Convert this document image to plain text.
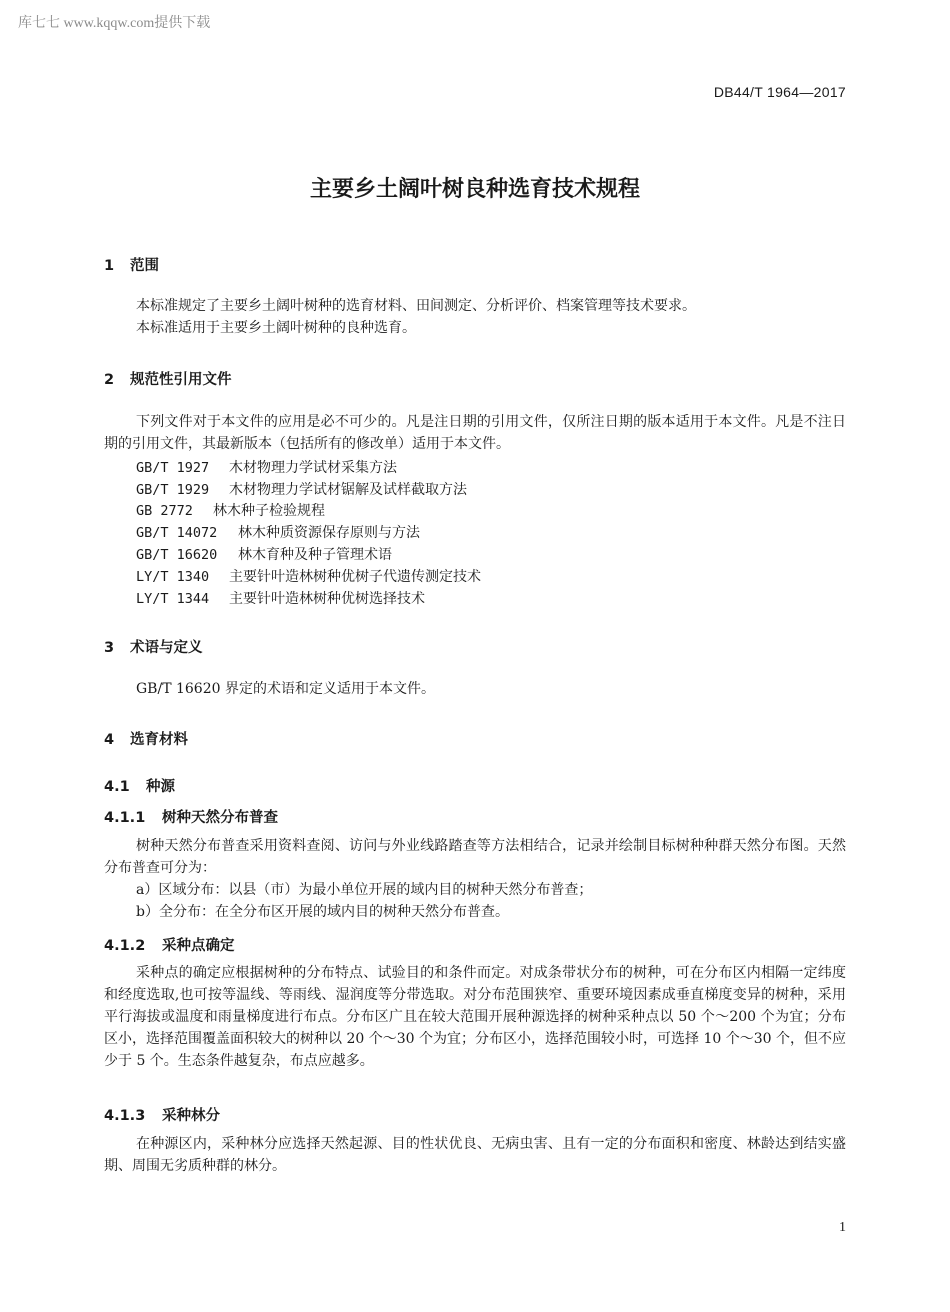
库七七 www.kqqw.com提供下载
DB44/T 1964—2017
主要乡土阔叶树良种选育技术规程
1 范围

本标准规定了主要乡土阔叶树种的选育材料、田间测定、分析评价、档案管理等技术要求。

本标准适用于主要乡土阔叶树种的良种选育。

2 规范性引用文件

下列文件对于本文件的应用是必不可少的。凡是注日期的引用文件，仅所注日期的版本适用于本文件。凡是不注日期的引用文件，其最新版本（包括所有的修改单）适用于本文件。

GB/T 1927 木材物理力学试材采集方法
GB/T 1929 木材物理力学试材锯解及试样截取方法
GB 2772 林木种子检验规程
GB/T 14072 林木种质资源保存原则与方法
GB/T 16620 林木育种及种子管理术语
LY/T 1340 主要针叶造林树种优树子代遗传测定技术
LY/T 1344 主要针叶造林树种优树选择技术
3 术语与定义

GB/T 16620 界定的术语和定义适用于本文件。

4 选育材料
4.1 种源
4.1.1 树种天然分布普查

树种天然分布普查采用资料查阅、访问与外业线路踏查等方法相结合，记录并绘制目标树种种群天然分布图。天然分布普查可分为：

a）区域分布：以县（市）为最小单位开展的域内目的树种天然分布普查；
b）全分布：在全分布区开展的域内目的树种天然分布普查。
4.1.2 采种点确定

采种点的确定应根据树种的分布特点、试验目的和条件而定。对成条带状分布的树种，可在分布区内相隔一定纬度和经度选取,也可按等温线、等雨线、湿润度等分带选取。对分布范围狭窄、重要环境因素成垂直梯度变异的树种，采用平行海拔或温度和雨量梯度进行布点。分布区广且在较大范围开展种源选择的树种采种点以 50 个～200 个为宜；分布区小，选择范围覆盖面积较大的树种以 20 个～30 个为宜；分布区小，选择范围较小时，可选择 10 个～30 个，但不应少于 5 个。生态条件越复杂，布点应越多。

4.1.3 采种林分

在种源区内，采种林分应选择天然起源、目的性状优良、无病虫害、且有一定的分布面积和密度、林龄达到结实盛期、周围无劣质种群的林分。

1
